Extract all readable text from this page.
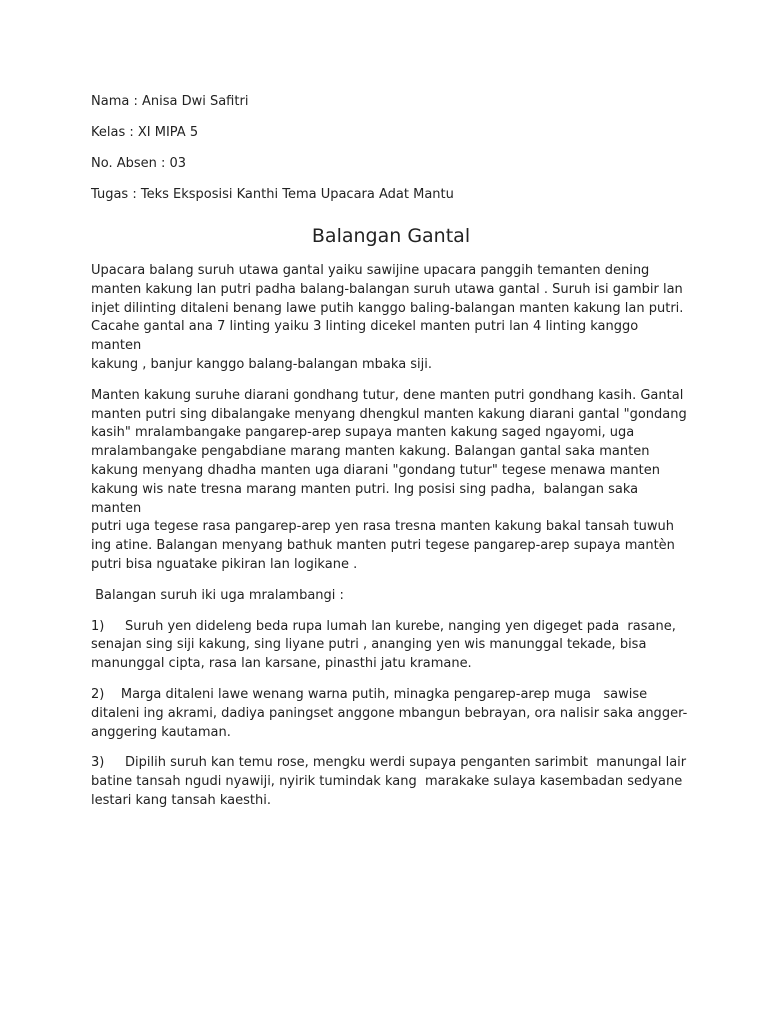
Nama : Anisa Dwi Safitri

Kelas : XI MIPA 5

No. Absen : 03

Tugas : Teks Eksposisi Kanthi Tema Upacara Adat Mantu

Balangan Gantal

Upacara balang suruh utawa gantal yaiku sawijine upacara panggih temanten dening
manten kakung lan putri padha balang-balangan suruh utawa gantal . Suruh isi gambir lan
injet dilinting ditaleni benang lawe putih kanggo baling-balangan manten kakung lan putri.
Cacahe gantal ana 7 linting yaiku 3 linting dicekel manten putri lan 4 linting kanggo manten
kakung , banjur kanggo balang-balangan mbaka siji.

Manten kakung suruhe diarani gondhang tutur, dene manten putri gondhang kasih. Gantal
manten putri sing dibalangake menyang dhengkul manten kakung diarani gantal "gondang
kasih" mralambangake pangarep-arep supaya manten kakung saged ngayomi, uga
mralambangake pengabdiane marang manten kakung. Balangan gantal saka manten
kakung menyang dhadha manten uga diarani "gondang tutur" tegese menawa manten
kakung wis nate tresna marang manten putri. Ing posisi sing padha,  balangan saka manten
putri uga tegese rasa pangarep-arep yen rasa tresna manten kakung bakal tansah tuwuh
ing atine. Balangan menyang bathuk manten putri tegese pangarep-arep supaya mantèn
putri bisa nguatake pikiran lan logikane .

Balangan suruh iki uga mralambangi :

1)     Suruh yen dideleng beda rupa lumah lan kurebe, nanging yen digeget pada  rasane,
senajan sing siji kakung, sing liyane putri , ananging yen wis manunggal tekade, bisa
manunggal cipta, rasa lan karsane, pinasthi jatu kramane.

2)    Marga ditaleni lawe wenang warna putih, minagka pengarep-arep muga   sawise
ditaleni ing akrami, dadiya paningset anggone mbangun bebrayan, ora nalisir saka angger-
anggering kautaman.

3)     Dipilih suruh kan temu rose, mengku werdi supaya penganten sarimbit  manungal lair
batine tansah ngudi nyawiji, nyirik tumindak kang  marakake sulaya kasembadan sedyane
lestari kang tansah kaesthi.
